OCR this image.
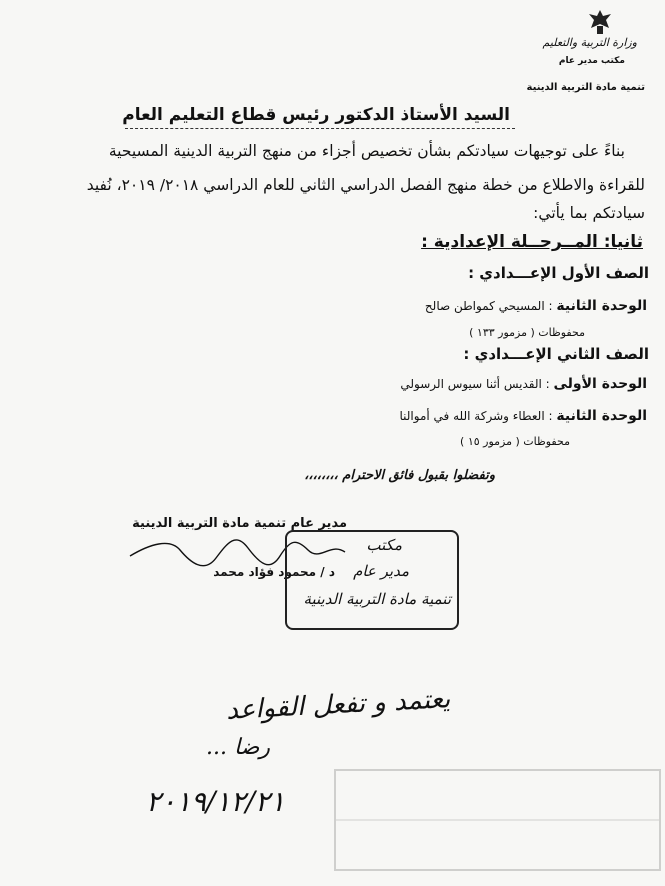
وزارة التربية والتعليم
مكتب مدير عام
تنمية مادة التربية الدينية
السيد الأستاذ الدكتور رئيس قطاع التعليم العام
بناءً على توجيهات سيادتكم بشأن تخصيص أجزاء من منهج التربية الدينية المسيحية
للقراءة والاطلاع من خطة منهج الفصل الدراسي الثاني للعام الدراسي ٢٠١٨/ ٢٠١٩، نُفيد
سيادتكم بما يأتي:
ثانيا: المــرحــلة الإعدادية :
الصف الأول الإعـــدادي :
الوحدة الثانية : المسيحي كمواطن صالح
محفوظات ( مزمور ١٣٣ )
الصف الثاني الإعـــدادي :
الوحدة الأولى : القديس أثنا سيوس الرسولي
الوحدة الثانية : العطاء وشركة الله في أموالنا
محفوظات ( مزمور ١٥ )
وتفضلوا بقبول فائق الاحترام ،،،،،،،،
مدير عام تنمية مادة التربية الدينية
د / محمود فؤاد محمد
مكتب
مدير عام
تنمية مادة التربية الدينية
يعتمد و تفعل القواعد
رضا ...
٢٠١٩/١٢/٢١
